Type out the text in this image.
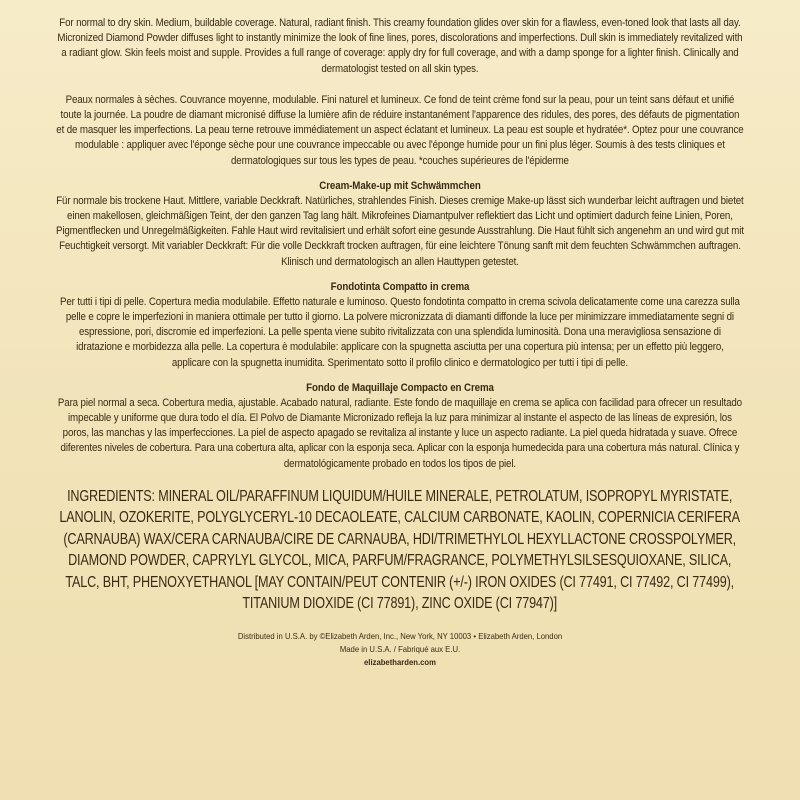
For normal to dry skin. Medium, buildable coverage. Natural, radiant finish. This creamy foundation glides over skin for a flawless, even-toned look that lasts all day. Micronized Diamond Powder diffuses light to instantly minimize the look of fine lines, pores, discolorations and imperfections. Dull skin is immediately revitalized with a radiant glow. Skin feels moist and supple. Provides a full range of coverage: apply dry for full coverage, and with a damp sponge for a lighter finish. Clinically and dermatologist tested on all skin types.

Peaux normales à sèches. Couvrance moyenne, modulable. Fini naturel et lumineux. Ce fond de teint crème fond sur la peau, pour un teint sans défaut et unifié toute la journée. La poudre de diamant micronisé diffuse la lumière afin de réduire instantanément l'apparence des ridules, des pores, des défauts de pigmentation et de masquer les imperfections. La peau terne retrouve immédiatement un aspect éclatant et lumineux. La peau est souple et hydratée*. Optez pour une couvrance modulable : appliquer avec l'éponge sèche pour une couvrance impeccable ou avec l'éponge humide pour un fini plus léger. Soumis à des tests cliniques et dermatologiques sur tous les types de peau. *couches supérieures de l'épiderme

Cream-Make-up mit Schwämmchen

Für normale bis trockene Haut. Mittlere, variable Deckkraft. Natürliches, strahlendes Finish. Dieses cremige Make-up lässt sich wunderbar leicht auftragen und bietet einen makellosen, gleichmäßigen Teint, der den ganzen Tag lang hält. Mikrofeines Diamantpulver reflektiert das Licht und optimiert dadurch feine Linien, Poren, Pigmentflecken und Unregelmäßigkeiten. Fahle Haut wird revitalisiert und erhält sofort eine gesunde Ausstrahlung. Die Haut fühlt sich angenehm an und wird gut mit Feuchtigkeit versorgt. Mit variabler Deckkraft: Für die volle Deckkraft trocken auftragen, für eine leichtere Tönung sanft mit dem feuchten Schwämmchen auftragen. Klinisch und dermatologisch an allen Hauttypen getestet.

Fondotinta Compatto in crema

Per tutti i tipi di pelle. Copertura media modulabile. Effetto naturale e luminoso. Questo fondotinta compatto in crema scivola delicatamente come una carezza sulla pelle e copre le imperfezioni in maniera ottimale per tutto il giorno. La polvere micronizzata di diamanti diffonde la luce per minimizzare immediatamente segni di espressione, pori, discromie ed imperfezioni. La pelle spenta viene subito rivitalizzata con una splendida luminosità. Dona una meravigliosa sensazione di idratazione e morbidezza alla pelle. La copertura è modulabile: applicare con la spugnetta asciutta per una copertura più intensa; per un effetto più leggero, applicare con la spugnetta inumidita. Sperimentato sotto il profilo clinico e dermatologico per tutti i tipi di pelle.

Fondo de Maquillaje Compacto en Crema

Para piel normal a seca. Cobertura media, ajustable. Acabado natural, radiante. Este fondo de maquillaje en crema se aplica con facilidad para ofrecer un resultado impecable y uniforme que dura todo el día. El Polvo de Diamante Micronizado refleja la luz para minimizar al instante el aspecto de las líneas de expresión, los poros, las manchas y las imperfecciones. La piel de aspecto apagado se revitaliza al instante y luce un aspecto radiante. La piel queda hidratada y suave. Ofrece diferentes niveles de cobertura. Para una cobertura alta, aplicar con la esponja seca. Aplicar con la esponja humedecida para una cobertura más natural. Clínica y dermatológicamente probado en todos los tipos de piel.

INGREDIENTS: MINERAL OIL/PARAFFINUM LIQUIDUM/HUILE MINERALE, PETROLATUM, ISOPROPYL MYRISTATE, LANOLIN, OZOKERITE, POLYGLYCERYL-10 DECAOLEATE, CALCIUM CARBONATE, KAOLIN, COPERNICIA CERIFERA (CARNAUBA) WAX/CERA CARNAUBA/CIRE DE CARNAUBA, HDI/TRIMETHYLOL HEXYLLACTONE CROSSPOLYMER, DIAMOND POWDER, CAPRYLYL GLYCOL, MICA, PARFUM/FRAGRANCE, POLYMETHYLSILSESQUIOXANE, SILICA, TALC, BHT, PHENOXYETHANOL [MAY CONTAIN/PEUT CONTENIR (+/-) IRON OXIDES (CI 77491, CI 77492, CI 77499), TITANIUM DIOXIDE (CI 77891), ZINC OXIDE (CI 77947)]

Distributed in U.S.A. by ©Elizabeth Arden, Inc., New York, NY 10003 • Elizabeth Arden, London
Made in U.S.A. / Fabriqué aux E.U.
elizabetharden.com
